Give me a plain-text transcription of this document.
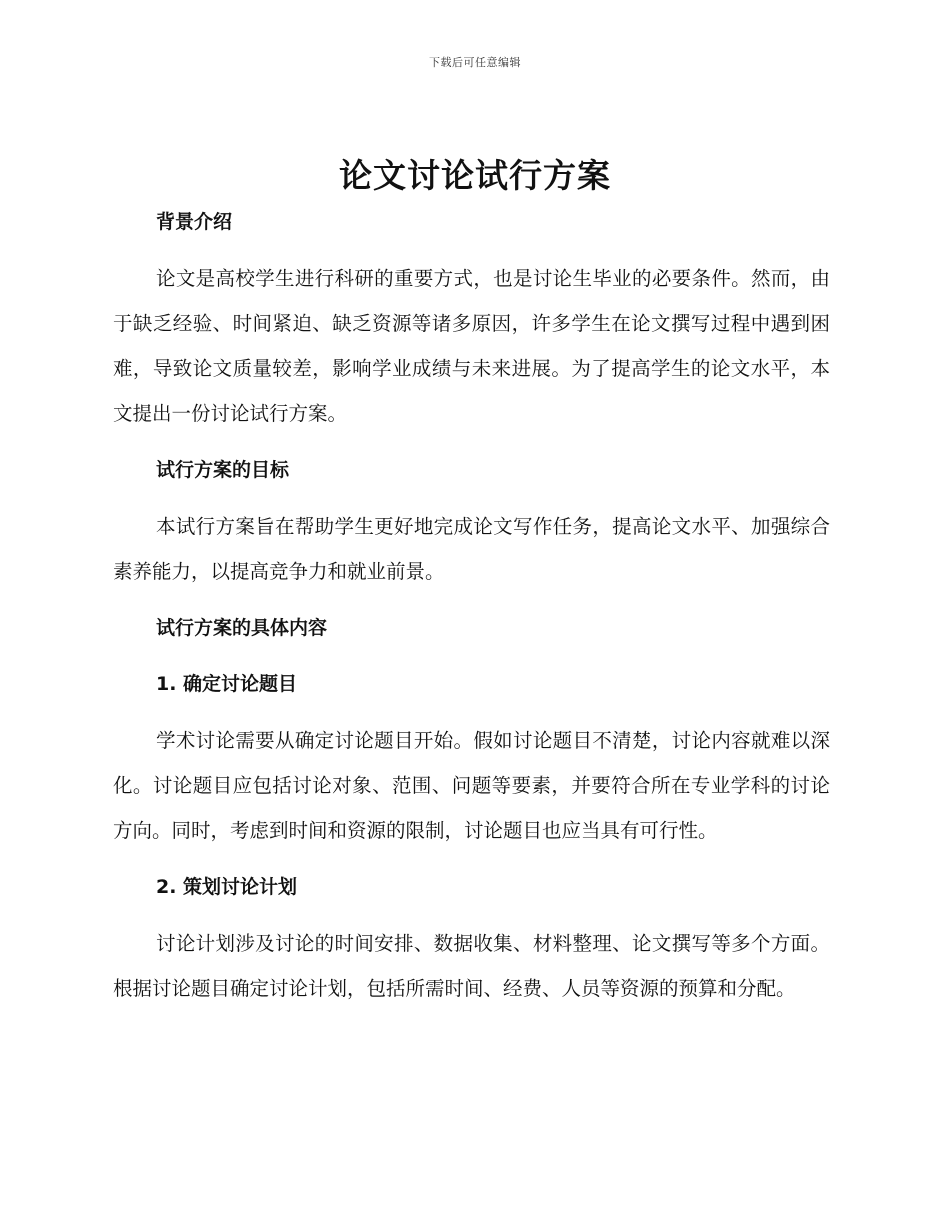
下载后可任意编辑
论文讨论试行方案

背景介绍

论文是高校学生进行科研的重要方式，也是讨论生毕业的必要条件。然而，由于缺乏经验、时间紧迫、缺乏资源等诸多原因，许多学生在论文撰写过程中遇到困难，导致论文质量较差，影响学业成绩与未来进展。为了提高学生的论文水平，本文提出一份讨论试行方案。

试行方案的目标

本试行方案旨在帮助学生更好地完成论文写作任务，提高论文水平、加强综合素养能力，以提高竞争力和就业前景。

试行方案的具体内容

1. 确定讨论题目

学术讨论需要从确定讨论题目开始。假如讨论题目不清楚，讨论内容就难以深化。讨论题目应包括讨论对象、范围、问题等要素，并要符合所在专业学科的讨论方向。同时，考虑到时间和资源的限制，讨论题目也应当具有可行性。

2. 策划讨论计划

讨论计划涉及讨论的时间安排、数据收集、材料整理、论文撰写等多个方面。根据讨论题目确定讨论计划，包括所需时间、经费、人员等资源的预算和分配。
